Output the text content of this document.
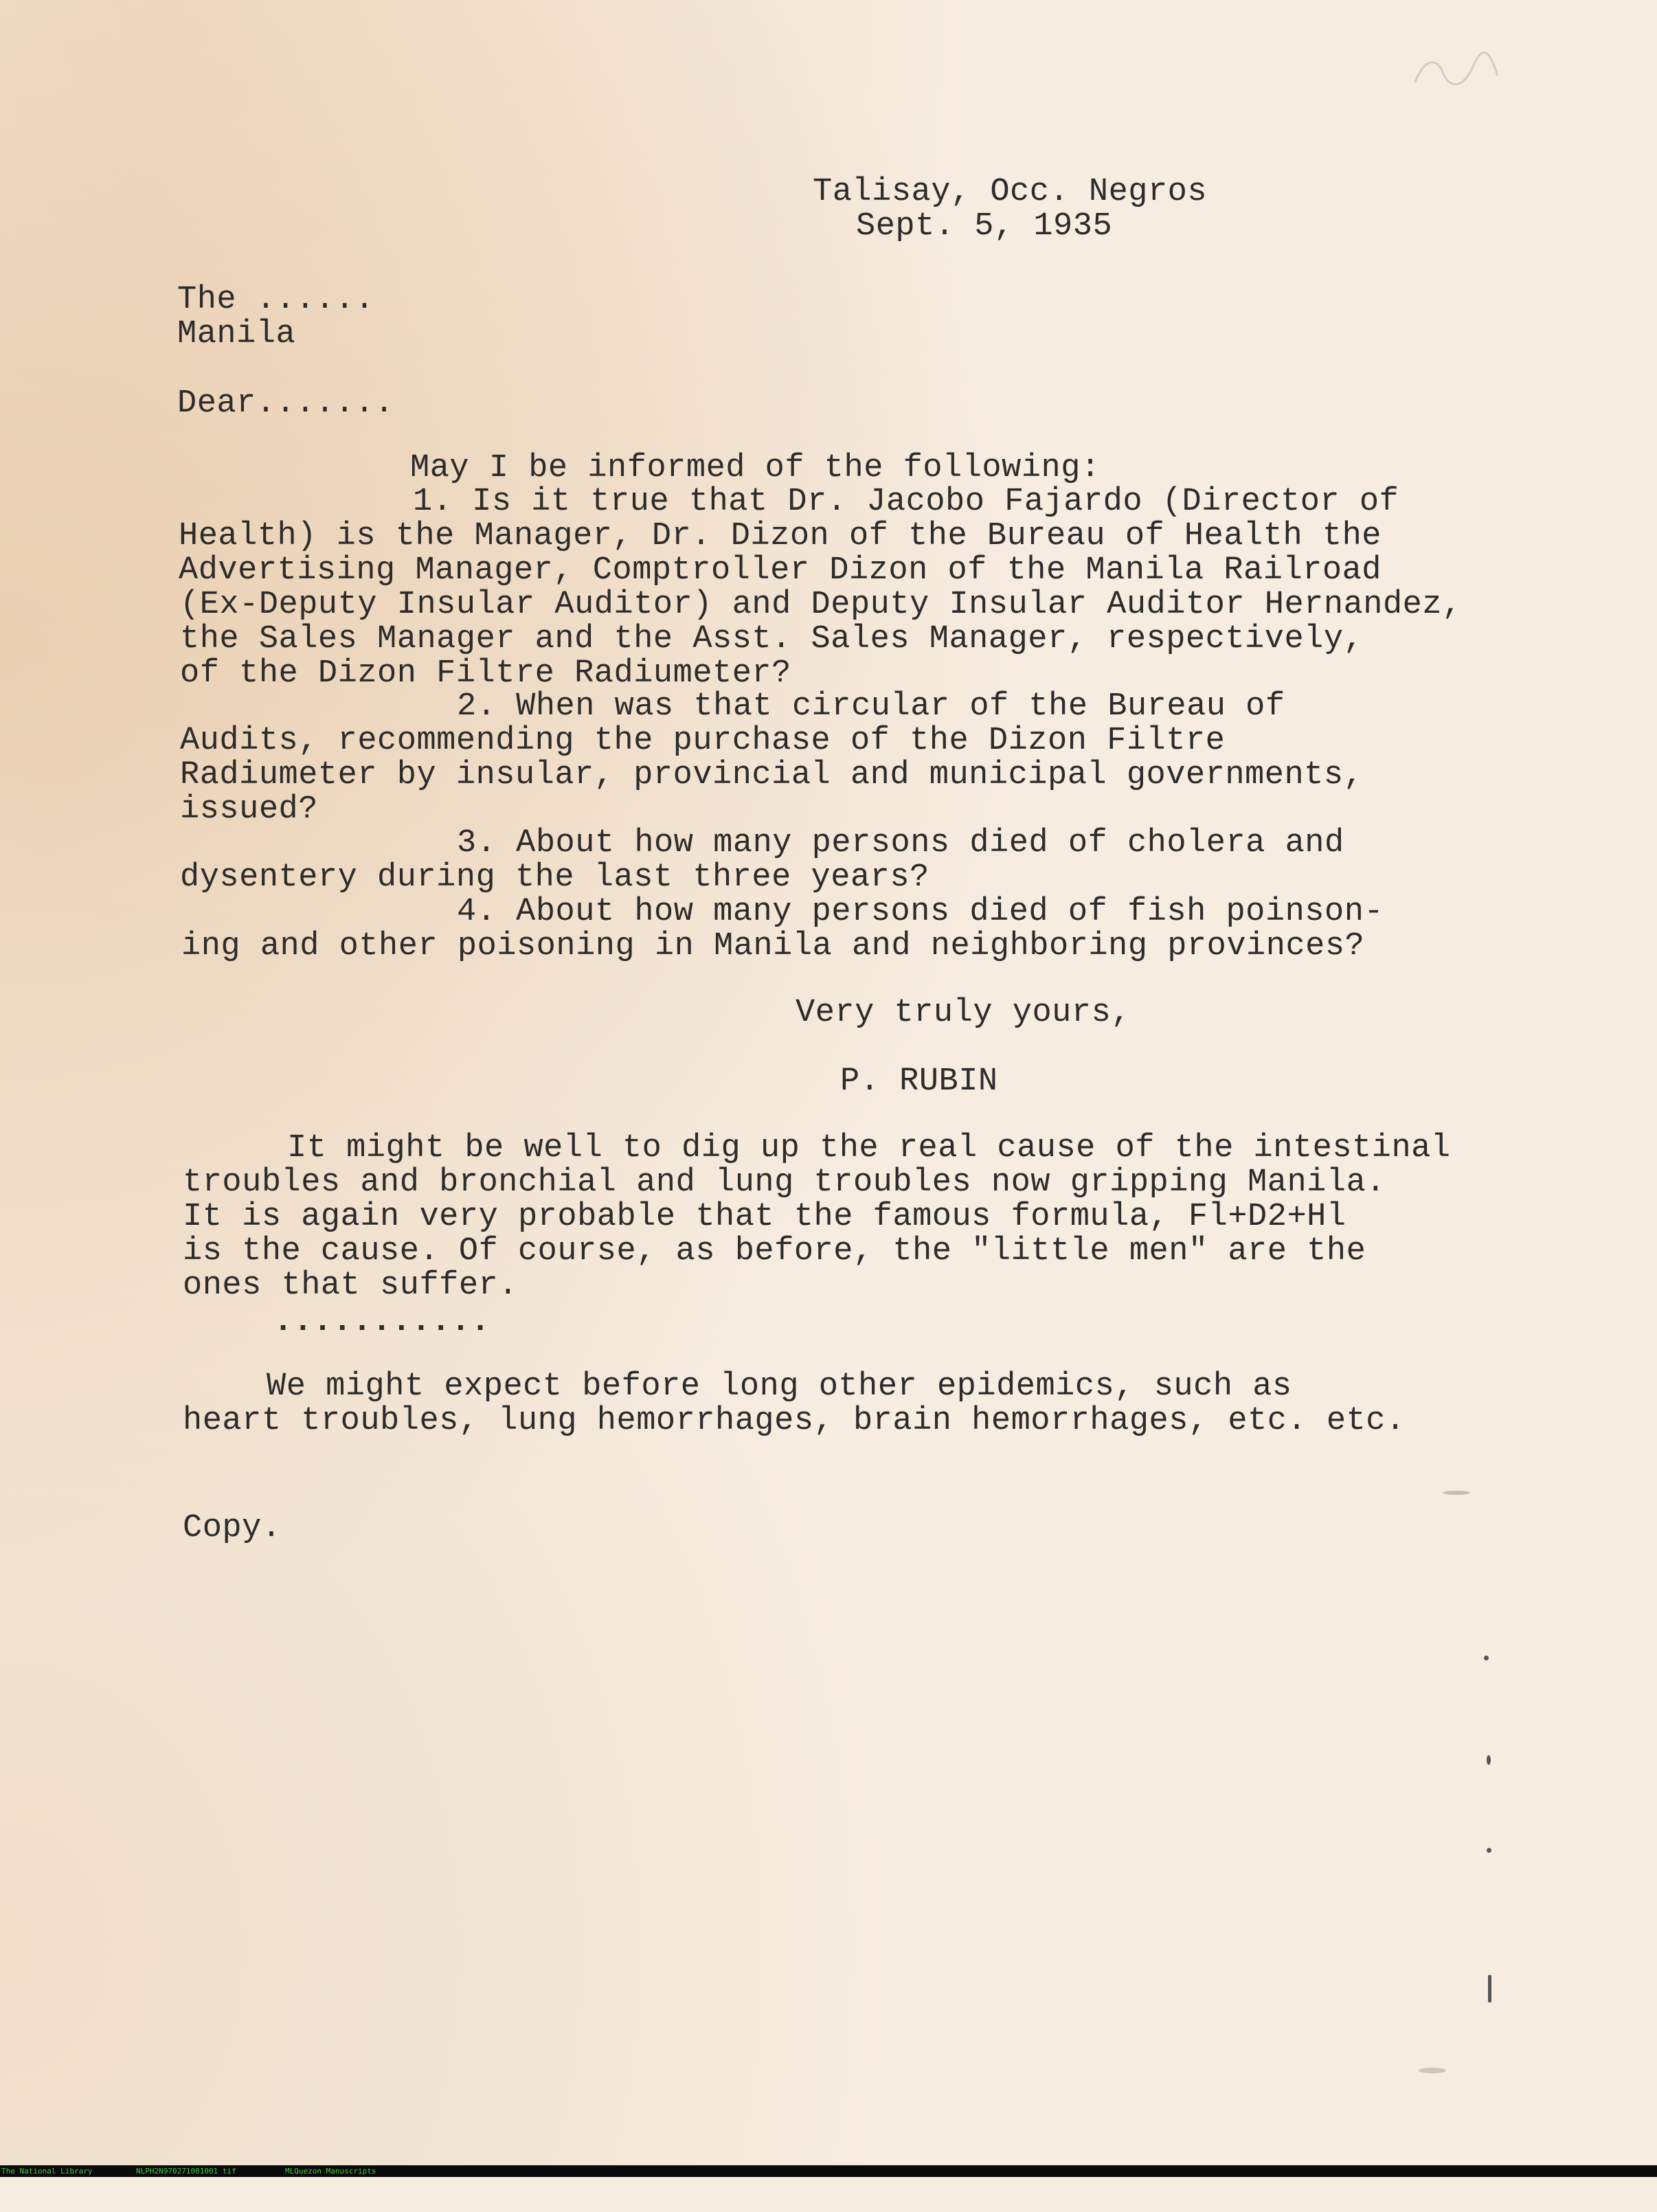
Talisay, Occ. Negros
Sept. 5, 1935
The ......
Manila
Dear.......
May I be informed of the following:
1. Is it true that Dr. Jacobo Fajardo (Director of
Health) is the Manager, Dr. Dizon of the Bureau of Health the
Advertising Manager, Comptroller Dizon of the Manila Railroad
(Ex-Deputy Insular Auditor) and Deputy Insular Auditor Hernandez,
the Sales Manager and the Asst. Sales Manager, respectively,
of the Dizon Filtre Radiumeter?
2. When was that circular of the Bureau of
Audits, recommending the purchase of the Dizon Filtre
Radiumeter by insular, provincial and municipal governments,
issued?
3. About how many persons died of cholera and
dysentery during the last three years?
4. About how many persons died of fish poinson-
ing and other poisoning in Manila and neighboring provinces?
Very truly yours,
P. RUBIN
It might be well to dig up the real cause of the intestinal
troubles and bronchial and lung troubles now gripping Manila.
It is again very probable that the famous formula, Fl+D2+Hl
is the cause. Of course, as before, the "little men" are the
ones that suffer.
...........
We might expect before long other epidemics, such as
heart troubles, lung hemorrhages, brain hemorrhages, etc. etc.
Copy.

The National Library

	NLPH2N970271001001 tif

	MLQuezon Manuscripts
